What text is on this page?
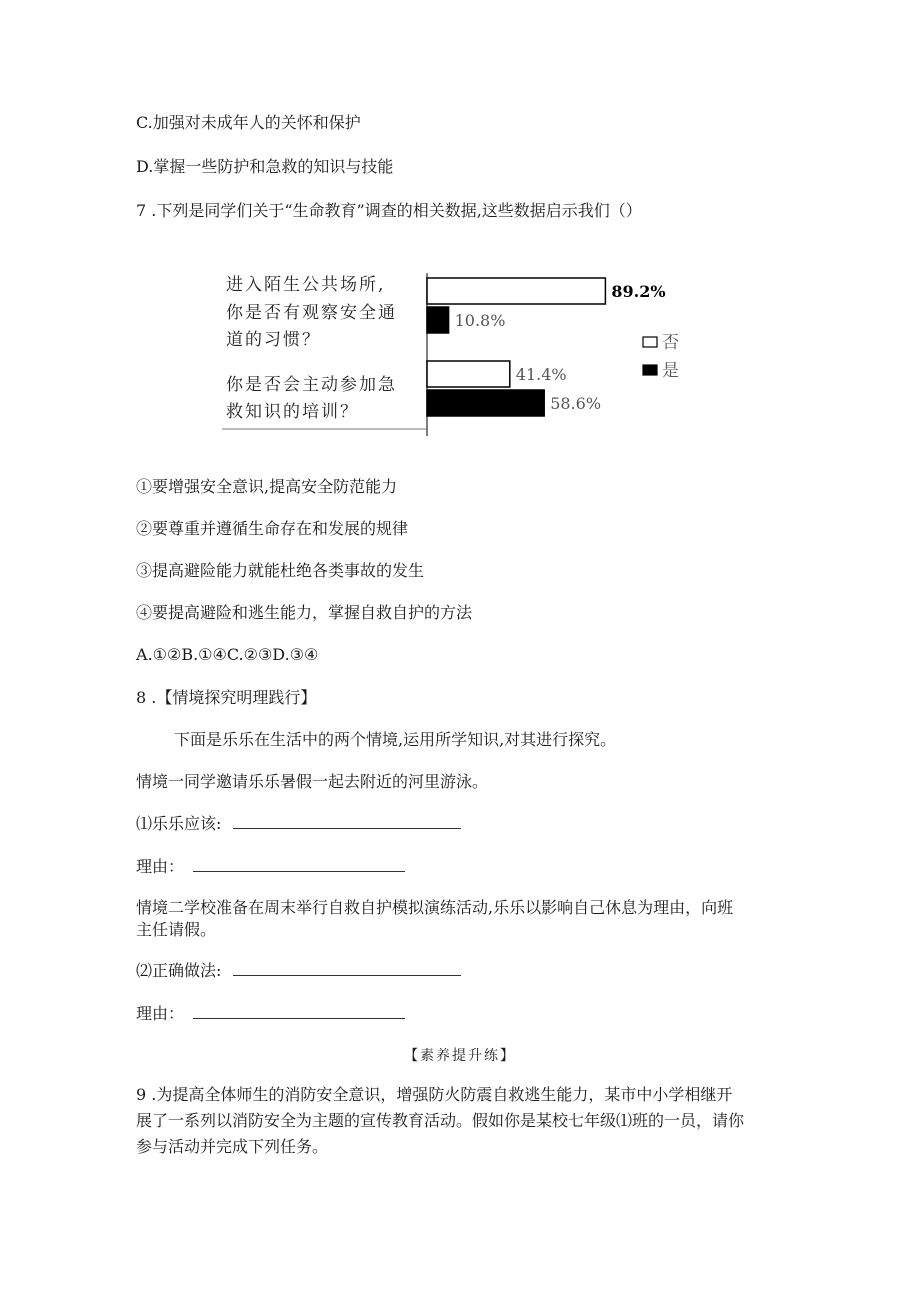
C.加强对未成年人的关怀和保护
D.掌握一些防护和急救的知识与技能
7 .下列是同学们关于“生命教育”调查的相关数据,这些数据启示我们（）
进入陌生公共场所,
你是否有观察安全通
道的习惯？
89.2%
10.8%
你是否会主动参加急
救知识的培训？
41.4%
58.6%
否
是
①要增强安全意识,提高安全防范能力
②要尊重并遵循生命存在和发展的规律
③提高避险能力就能杜绝各类事故的发生
④要提高避险和逃生能力，掌握自救自护的方法
A.①②B.①④C.②③D.③④
8 .【情境探究明理践行】
下面是乐乐在生活中的两个情境,运用所学知识,对其进行探究。
情境一同学邀请乐乐暑假一起去附近的河里游泳。
⑴乐乐应该:
理由：
情境二学校准备在周末举行自救自护模拟演练活动,乐乐以影响自己休息为理由，向班
主任请假。
⑵正确做法:
理由：
【素养提升练】
9 .为提高全体师生的消防安全意识，增强防火防震自救逃生能力，某市中小学相继开
展了一系列以消防安全为主题的宣传教育活动。假如你是某校七年级⑴班的一员，请你
参与活动并完成下列任务。
